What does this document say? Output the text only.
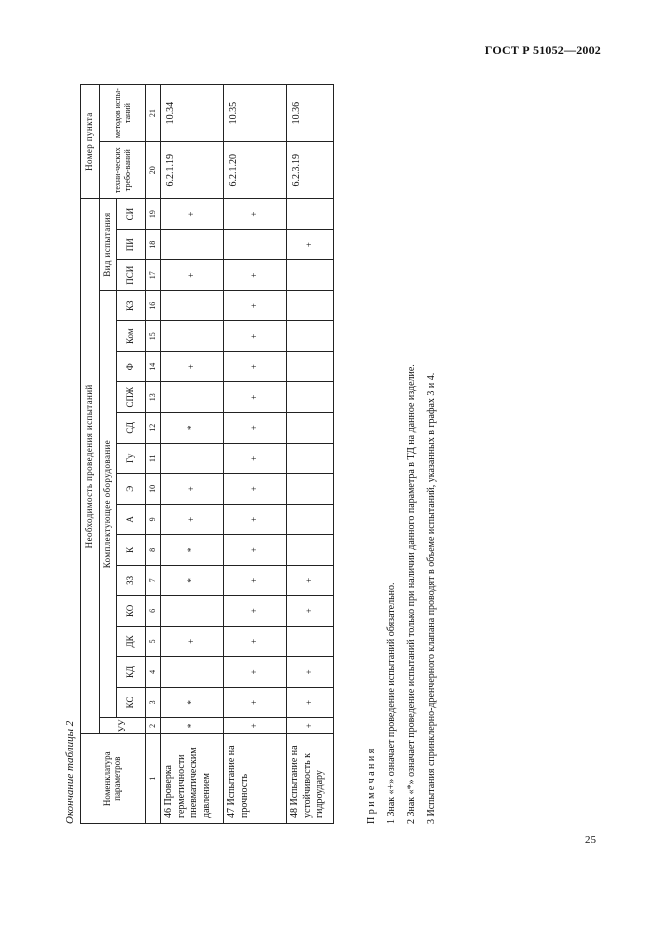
ГОСТ Р 51052—2002
Окончание таблицы 2	Номенклатура параметров	Необходимость проведения испытаний																		Номер пункта	
	УУ	Комплектующее оборудование														Вид испытания			техни-ческих требо-ваний	методов испы-таний
		КС	КД	ДК	КО	ЗЗ	К	А	Э	Гу	СД	СПЖ	Ф	Ком	КЗ	ПСИ	ПИ	СИ		
1	2	3	4	5	6	7	8	9	10	11	12	13	14	15	16	17	18	19	20	21
46 Проверка герметичности пневматическим давлением	*	*		+		*	*	+	+		*		+			+		+	6.2.1.19	10.34
47 Испытание на прочность	+	+	+	+	+	+	+	+	+	+	+	+	+	+	+	+		+	6.2.1.20	10.35
48 Испытание на устойчивость к гидроудару	+	+	+		+	+											+		6.2.3.19	10.36
Примечания 1 Знак «+» означает проведение испытаний обязательно. 2 Знак «*» означает проведение испытаний только при наличии данного параметра в ТД на данное изделие. 3 Испытания спринклерно-дренчерного клапана проводят в объеме испытаний, указанных в графах 3 и 4.
25
